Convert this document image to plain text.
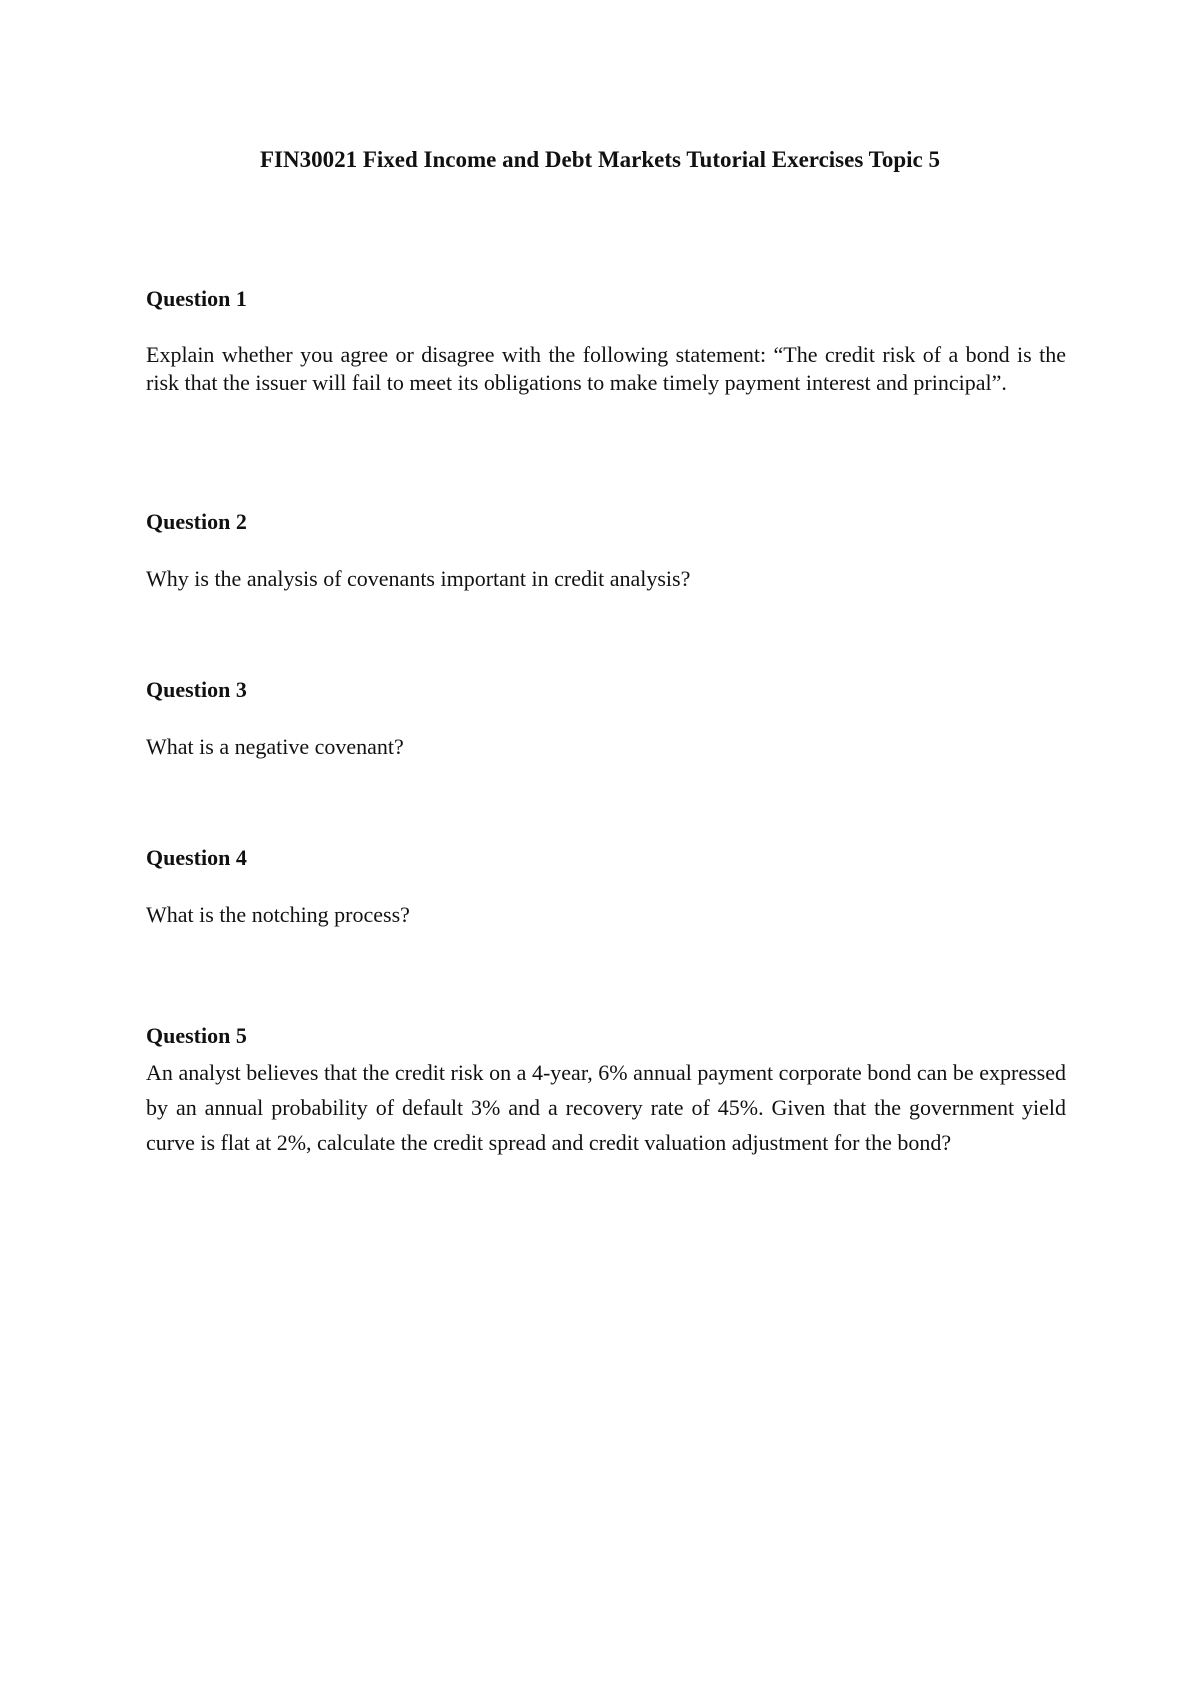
FIN30021 Fixed Income and Debt Markets Tutorial Exercises Topic 5
Question 1

Explain whether you agree or disagree with the following statement: “The credit risk of a bond is the risk that the issuer will fail to meet its obligations to make timely payment interest and principal”.

Question 2

Why is the analysis of covenants important in credit analysis?

Question 3

What is a negative covenant?

Question 4

What is the notching process?

Question 5

An analyst believes that the credit risk on a 4-year, 6% annual payment corporate bond can be expressed by an annual probability of default 3% and a recovery rate of 45%. Given that the government yield curve is flat at 2%, calculate the credit spread and credit valuation adjustment for the bond?
